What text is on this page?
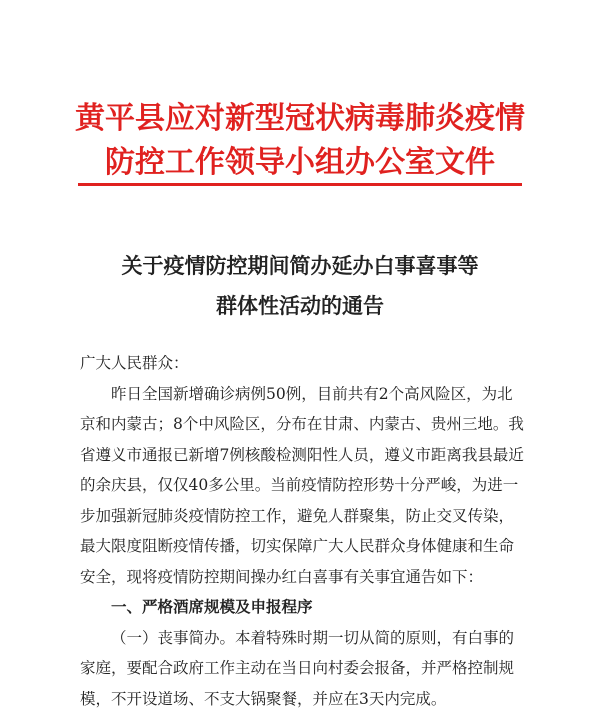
黄平县应对新型冠状病毒肺炎疫情
防控工作领导小组办公室文件
关于疫情防控期间简办延办白事喜事等
群体性活动的通告

广大人民群众：

昨日全国新增确诊病例50例，目前共有2个高风险区，为北

京和内蒙古；8个中风险区，分布在甘肃、内蒙古、贵州三地。我

省遵义市通报已新增7例核酸检测阳性人员，遵义市距离我县最近

的余庆县，仅仅40多公里。当前疫情防控形势十分严峻，为进一

步加强新冠肺炎疫情防控工作，避免人群聚集，防止交叉传染，

最大限度阻断疫情传播，切实保障广大人民群众身体健康和生命

安全，现将疫情防控期间操办红白喜事有关事宜通告如下：

一、严格酒席规模及申报程序

（一）丧事简办。本着特殊时期一切从简的原则，有白事的

家庭，要配合政府工作主动在当日向村委会报备，并严格控制规

模，不开设道场、不支大锅聚餐，并应在3天内完成。
